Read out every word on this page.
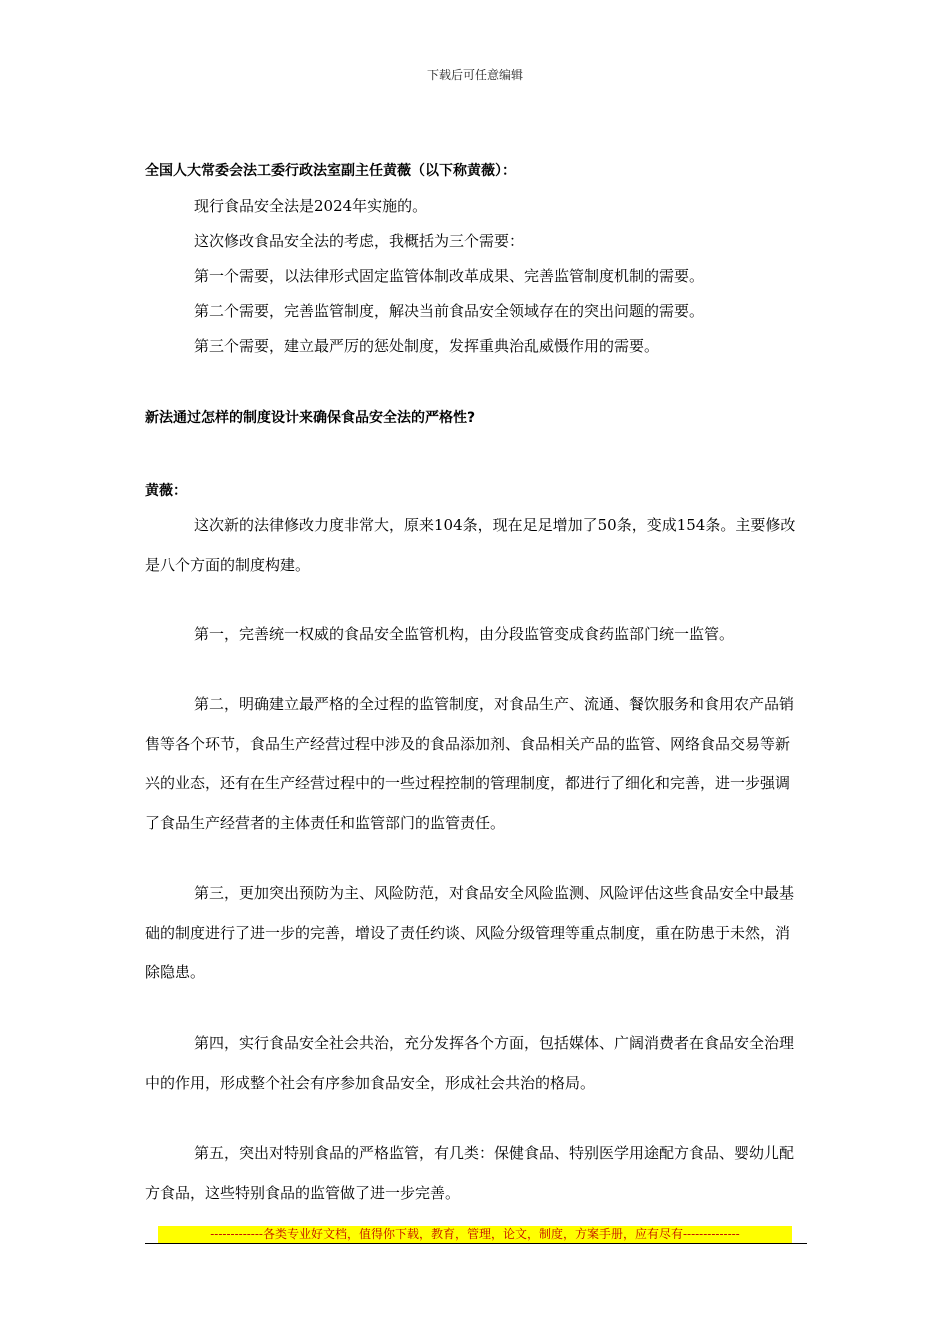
下载后可任意编辑
全国人大常委会法工委行政法室副主任黄薇（以下称黄薇）：
现行食品安全法是2024年实施的。
这次修改食品安全法的考虑，我概括为三个需要：
第一个需要，以法律形式固定监管体制改革成果、完善监管制度机制的需要。
第二个需要，完善监管制度，解决当前食品安全领域存在的突出问题的需要。
第三个需要，建立最严厉的惩处制度，发挥重典治乱威慑作用的需要。
新法通过怎样的制度设计来确保食品安全法的严格性?
黄薇：
这次新的法律修改力度非常大，原来104条，现在足足增加了50条，变成154条。主要修改是八个方面的制度构建。
第一，完善统一权威的食品安全监管机构，由分段监管变成食药监部门统一监管。
第二，明确建立最严格的全过程的监管制度，对食品生产、流通、餐饮服务和食用农产品销售等各个环节，食品生产经营过程中涉及的食品添加剂、食品相关产品的监管、网络食品交易等新兴的业态，还有在生产经营过程中的一些过程控制的管理制度，都进行了细化和完善，进一步强调了食品生产经营者的主体责任和监管部门的监管责任。
第三，更加突出预防为主、风险防范，对食品安全风险监测、风险评估这些食品安全中最基础的制度进行了进一步的完善，增设了责任约谈、风险分级管理等重点制度，重在防患于未然，消除隐患。
第四，实行食品安全社会共治，充分发挥各个方面，包括媒体、广阔消费者在食品安全治理中的作用，形成整个社会有序参加食品安全，形成社会共治的格局。
第五，突出对特别食品的严格监管，有几类：保健食品、特别医学用途配方食品、婴幼儿配方食品，这些特别食品的监管做了进一步完善。
-------------各类专业好文档，值得你下载，教育，管理，论文，制度，方案手册，应有尽有--------------
